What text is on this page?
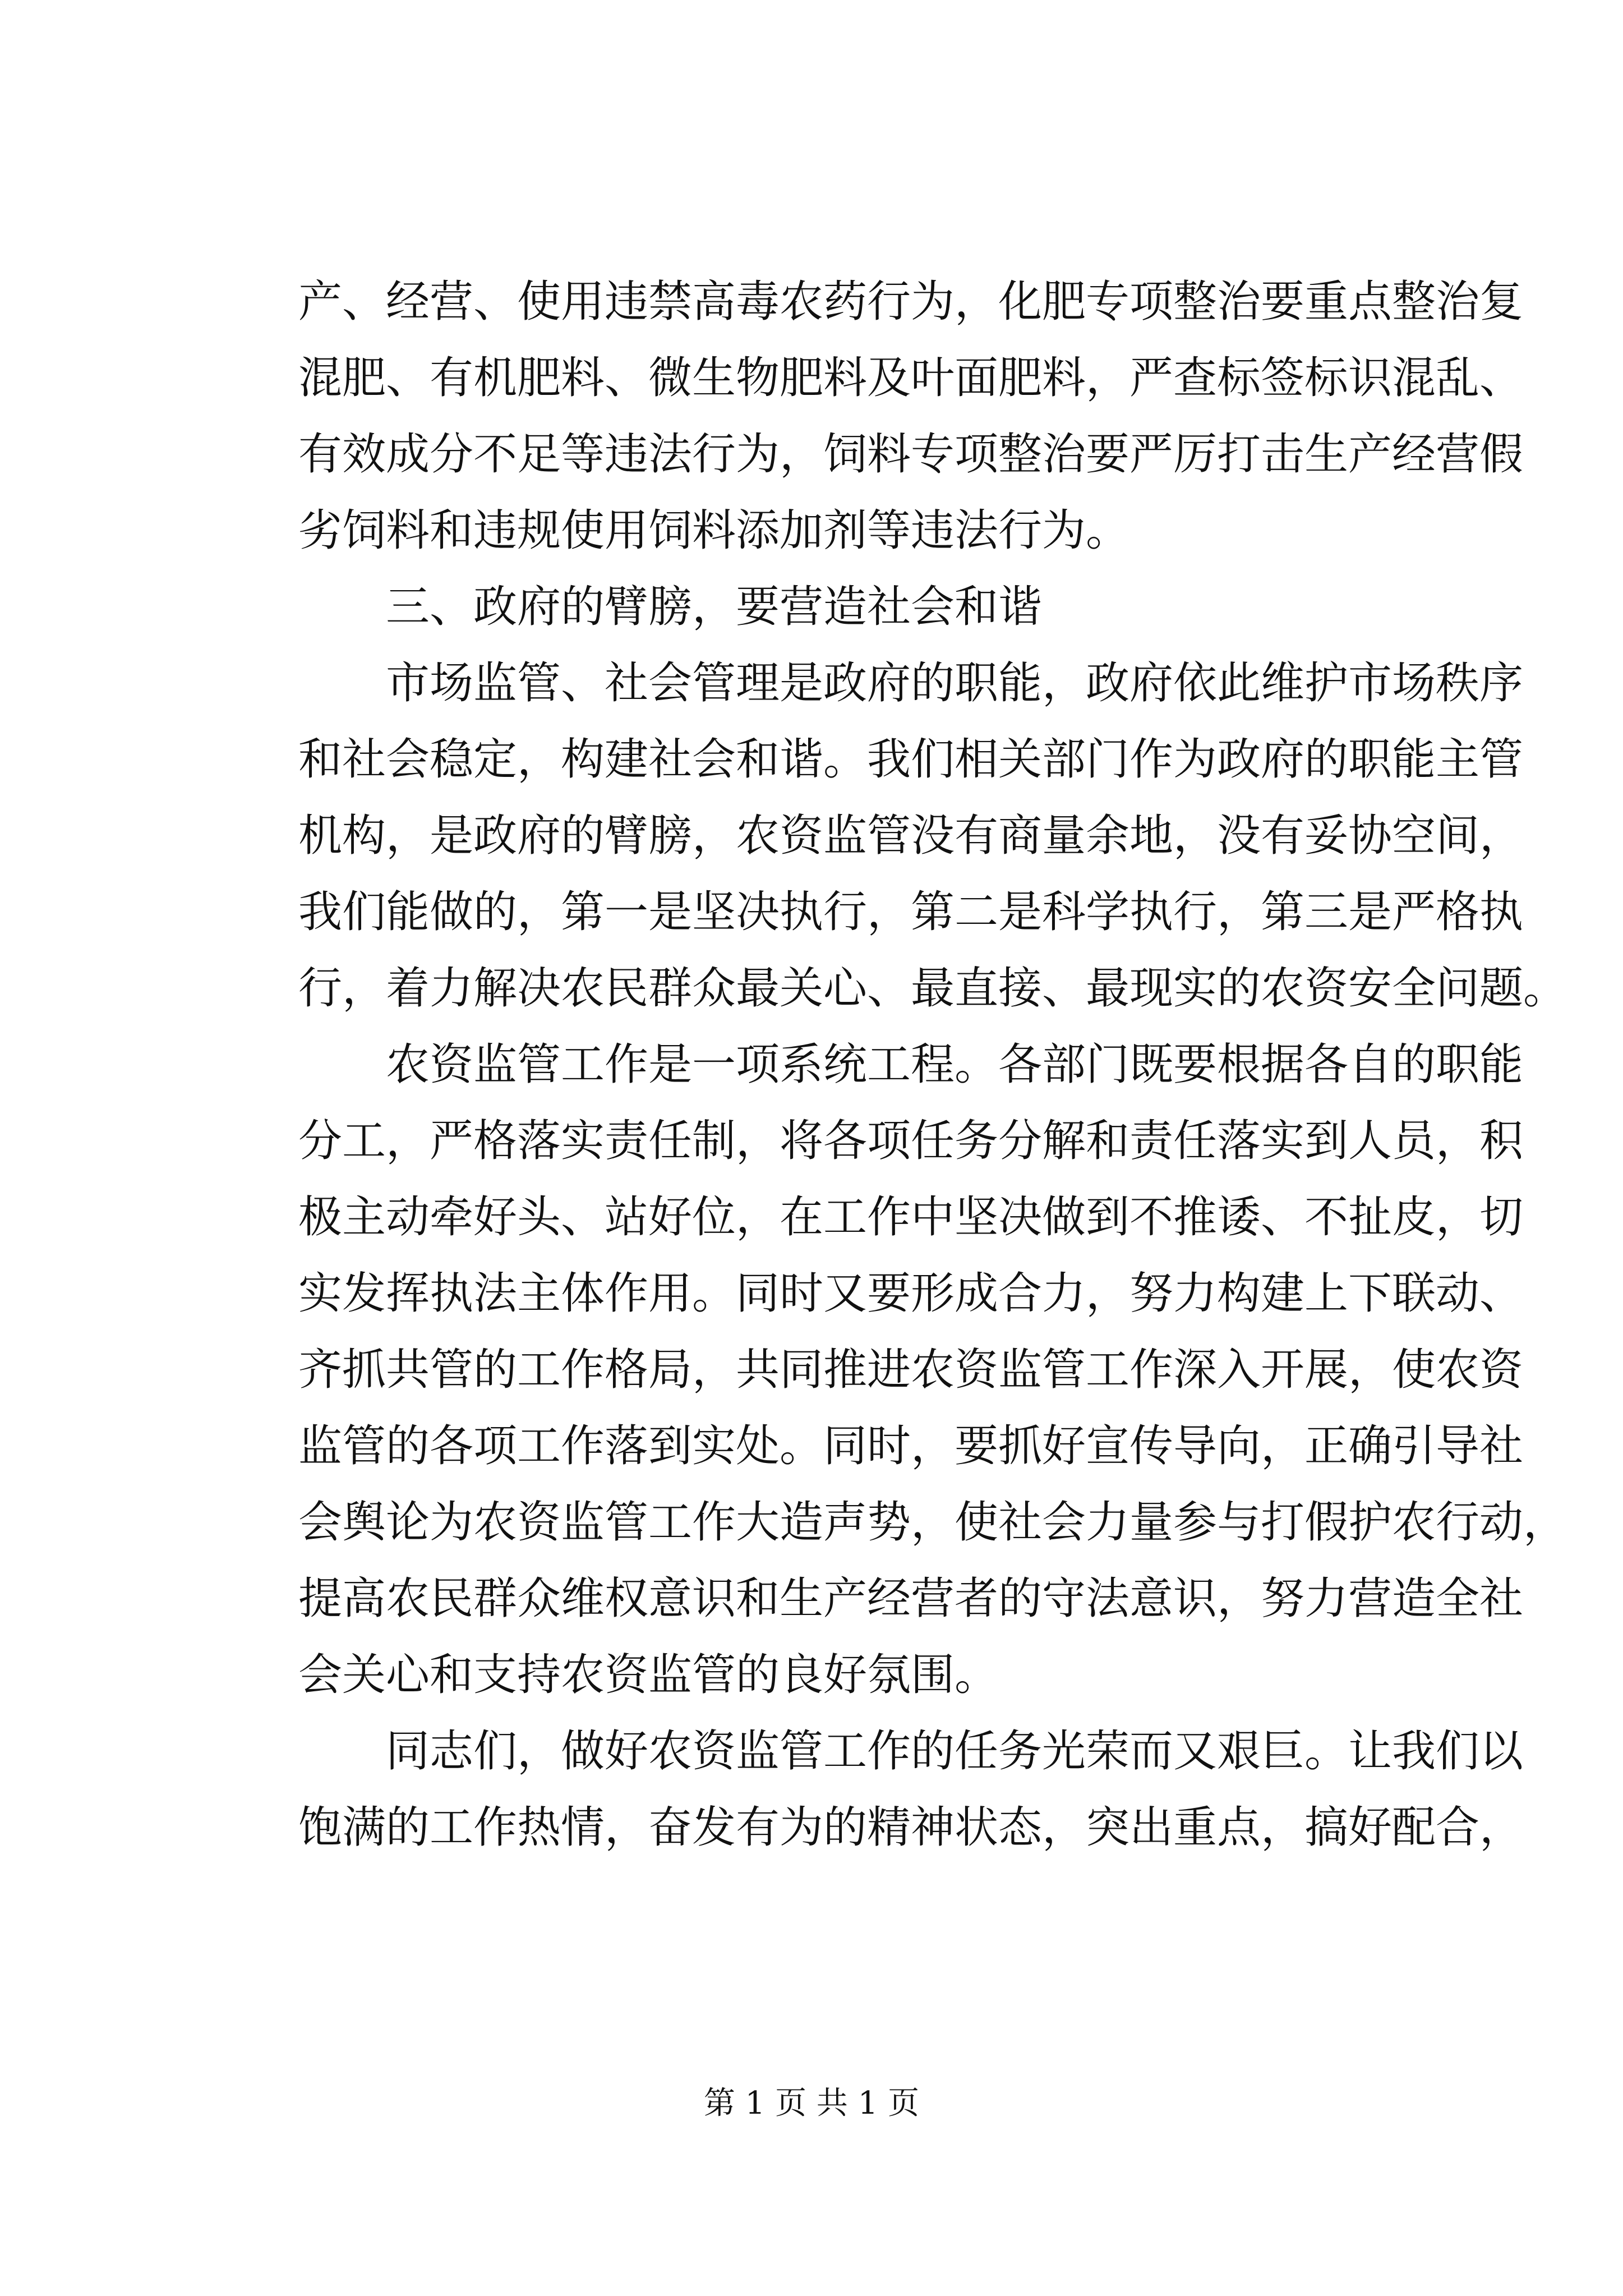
产、经营、使用违禁高毒农药行为，化肥专项整治要重点整治复
混肥、有机肥料、微生物肥料及叶面肥料，严查标签标识混乱、
有效成分不足等违法行为，饲料专项整治要严厉打击生产经营假
劣饲料和违规使用饲料添加剂等违法行为。
三、政府的臂膀，要营造社会和谐
市场监管、社会管理是政府的职能，政府依此维护市场秩序
和社会稳定，构建社会和谐。我们相关部门作为政府的职能主管
机构，是政府的臂膀，农资监管没有商量余地，没有妥协空间，
我们能做的，第一是坚决执行，第二是科学执行，第三是严格执
行，着力解决农民群众最关心、最直接、最现实的农资安全问题。
农资监管工作是一项系统工程。各部门既要根据各自的职能
分工，严格落实责任制，将各项任务分解和责任落实到人员，积
极主动牵好头、站好位，在工作中坚决做到不推诿、不扯皮，切
实发挥执法主体作用。同时又要形成合力，努力构建上下联动、
齐抓共管的工作格局，共同推进农资监管工作深入开展，使农资
监管的各项工作落到实处。同时，要抓好宣传导向，正确引导社
会舆论为农资监管工作大造声势，使社会力量参与打假护农行动，
提高农民群众维权意识和生产经营者的守法意识，努力营造全社
会关心和支持农资监管的良好氛围。
同志们，做好农资监管工作的任务光荣而又艰巨。让我们以
饱满的工作热情，奋发有为的精神状态，突出重点，搞好配合，
第 1 页 共 1 页
